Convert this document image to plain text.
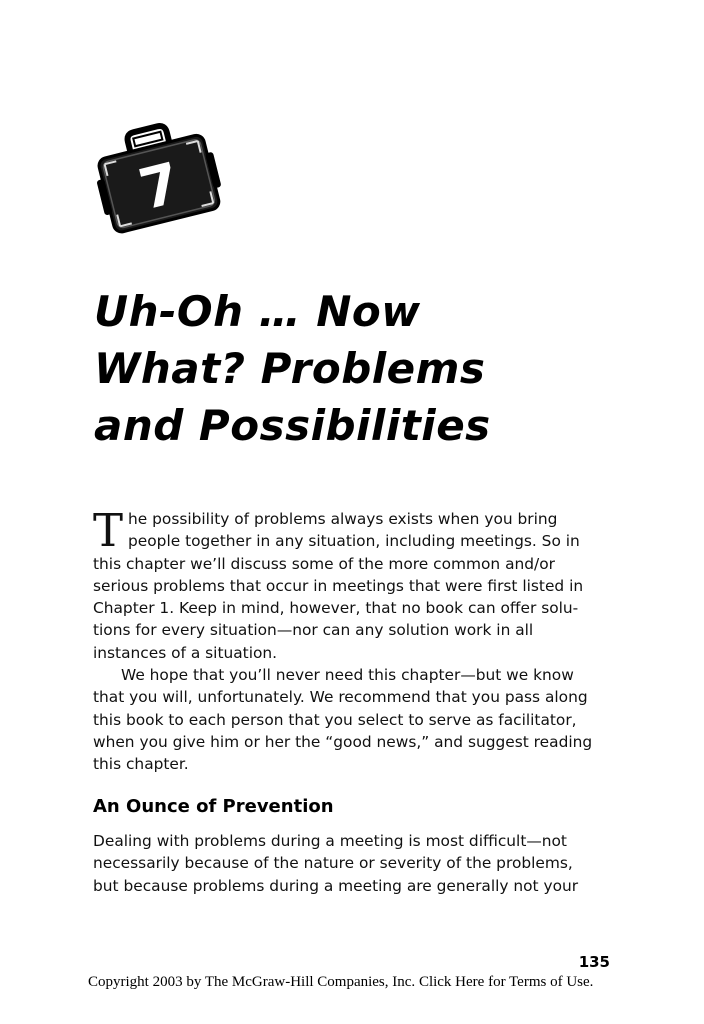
7
Uh-Oh … Now
What? Problems
and Possibilities
T he possibility of problems always exists when you bring
people together in any situation, including meetings. So in
this chapter we’ll discuss some of the more common and/or
serious problems that occur in meetings that were first listed in
Chapter 1. Keep in mind, however, that no book can offer solu-
tions for every situation—nor can any solution work in all
instances of a situation.
We hope that you’ll never need this chapter—but we know
that you will, unfortunately. We recommend that you pass along
this book to each person that you select to serve as facilitator,
when you give him or her the “good news,” and suggest reading
this chapter.
An Ounce of Prevention
Dealing with problems during a meeting is most difficult—not
necessarily because of the nature or severity of the problems,
but because problems during a meeting are generally not your
135
Copyright 2003 by The McGraw-Hill Companies, Inc. Click Here for Terms of Use.
